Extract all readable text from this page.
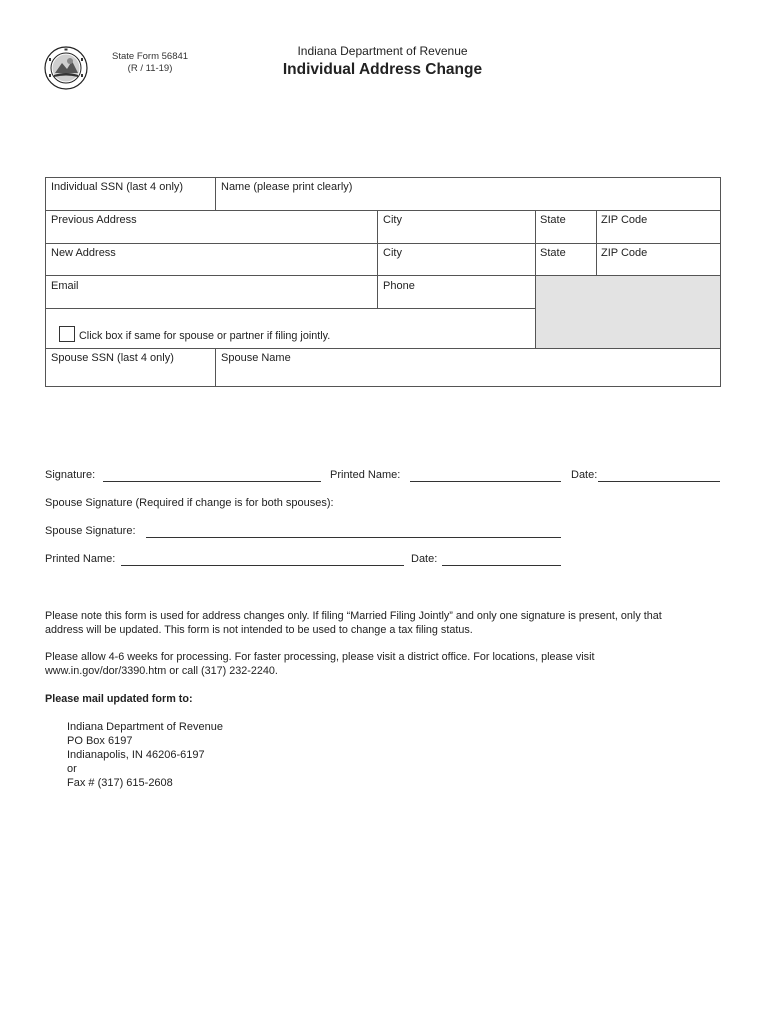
State Form 56841
(R / 11-19)
Indiana Department of Revenue
Individual Address Change
Individual SSN (last 4 only)	Name (please print clearly)
Previous Address	City	State	ZIP Code
New Address	City	State	ZIP Code
Email	Phone
Click box if same for spouse or partner if filing jointly.
Spouse SSN (last 4 only)	Spouse Name
Signature:	Printed Name:	Date:
Spouse Signature (Required if change is for both spouses):
Spouse Signature:
Printed Name:	Date:
Please note this form is used for address changes only. If filing “Married Filing Jointly” and only one signature is present, only that
address will be updated. This form is not intended to be used to change a tax filing status.
Please allow 4-6 weeks for processing. For faster processing, please visit a district office. For locations, please visit
www.in.gov/dor/3390.htm or call (317) 232-2240.
Please mail updated form to:
Indiana Department of Revenue
PO Box 6197
Indianapolis, IN 46206-6197
or
Fax # (317) 615-2608
